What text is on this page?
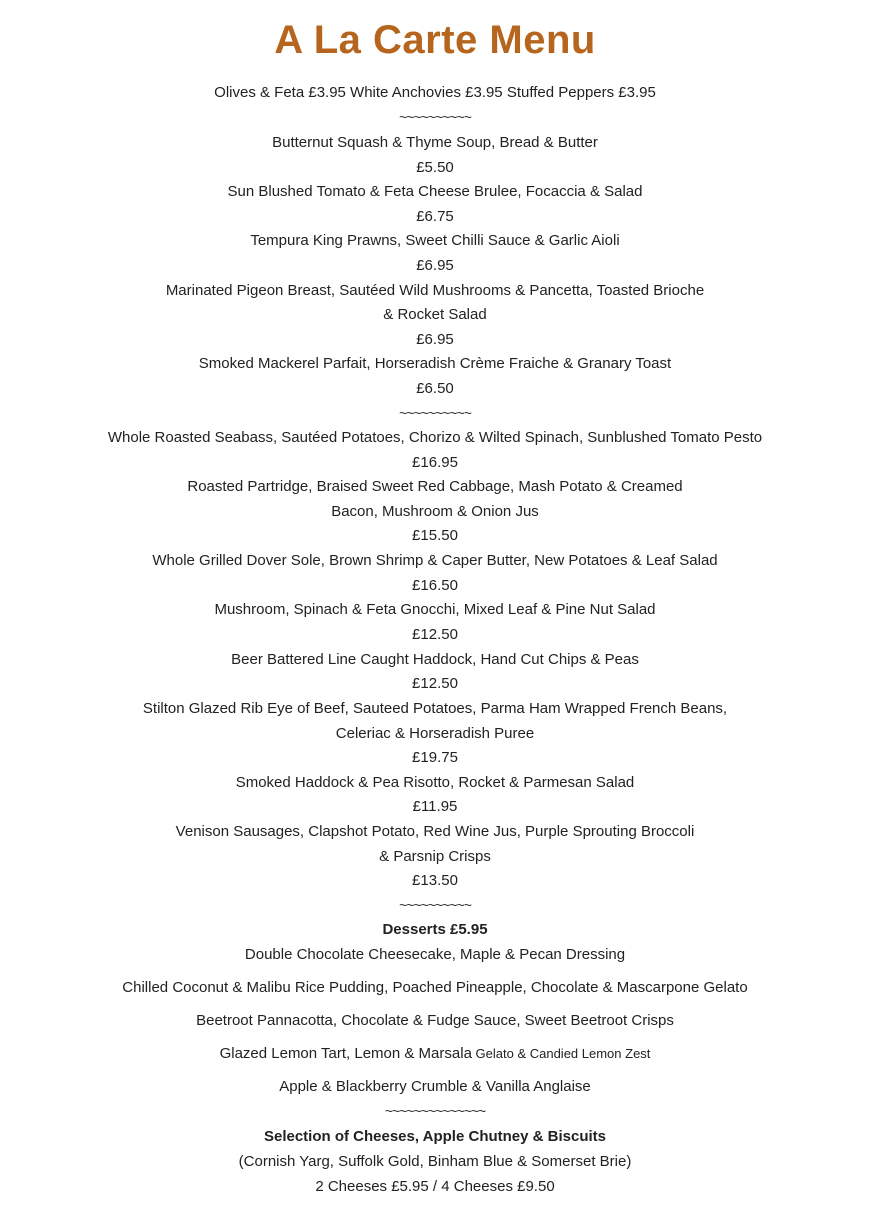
A La Carte Menu
Olives & Feta £3.95 White Anchovies £3.95 Stuffed Peppers £3.95
~~~~~~~~~~
Butternut Squash & Thyme Soup, Bread & Butter
£5.50
Sun Blushed Tomato & Feta Cheese Brulee, Focaccia & Salad
£6.75
Tempura King Prawns, Sweet Chilli Sauce & Garlic Aioli
£6.95
Marinated Pigeon Breast, Sautéed Wild Mushrooms & Pancetta, Toasted Brioche
& Rocket Salad
£6.95
Smoked Mackerel Parfait, Horseradish Crème Fraiche & Granary Toast
£6.50
~~~~~~~~~~
Whole Roasted Seabass, Sautéed Potatoes, Chorizo & Wilted Spinach, Sunblushed Tomato Pesto
£16.95
Roasted Partridge, Braised Sweet Red Cabbage, Mash Potato & Creamed
Bacon, Mushroom & Onion Jus
£15.50
Whole Grilled Dover Sole, Brown Shrimp & Caper Butter, New Potatoes & Leaf Salad
£16.50
Mushroom, Spinach & Feta Gnocchi, Mixed Leaf & Pine Nut Salad
£12.50
Beer Battered Line Caught Haddock, Hand Cut Chips & Peas
£12.50
Stilton Glazed Rib Eye of Beef, Sauteed Potatoes, Parma Ham Wrapped French Beans,
Celeriac & Horseradish Puree
£19.75
Smoked Haddock & Pea Risotto, Rocket & Parmesan Salad
£11.95
Venison Sausages, Clapshot Potato, Red Wine Jus, Purple Sprouting Broccoli
& Parsnip Crisps
£13.50
~~~~~~~~~~
Desserts £5.95
Double Chocolate Cheesecake, Maple & Pecan Dressing
Chilled Coconut & Malibu Rice Pudding, Poached Pineapple, Chocolate & Mascarpone Gelato
Beetroot Pannacotta, Chocolate & Fudge Sauce, Sweet Beetroot Crisps
Glazed Lemon Tart, Lemon & Marsala Gelato & Candied Lemon Zest
Apple & Blackberry Crumble & Vanilla Anglaise
~~~~~~~~~~~~~~
Selection of Cheeses, Apple Chutney & Biscuits
(Cornish Yarg, Suffolk Gold, Binham Blue & Somerset Brie)
2 Cheeses £5.95 / 4 Cheeses £9.50
